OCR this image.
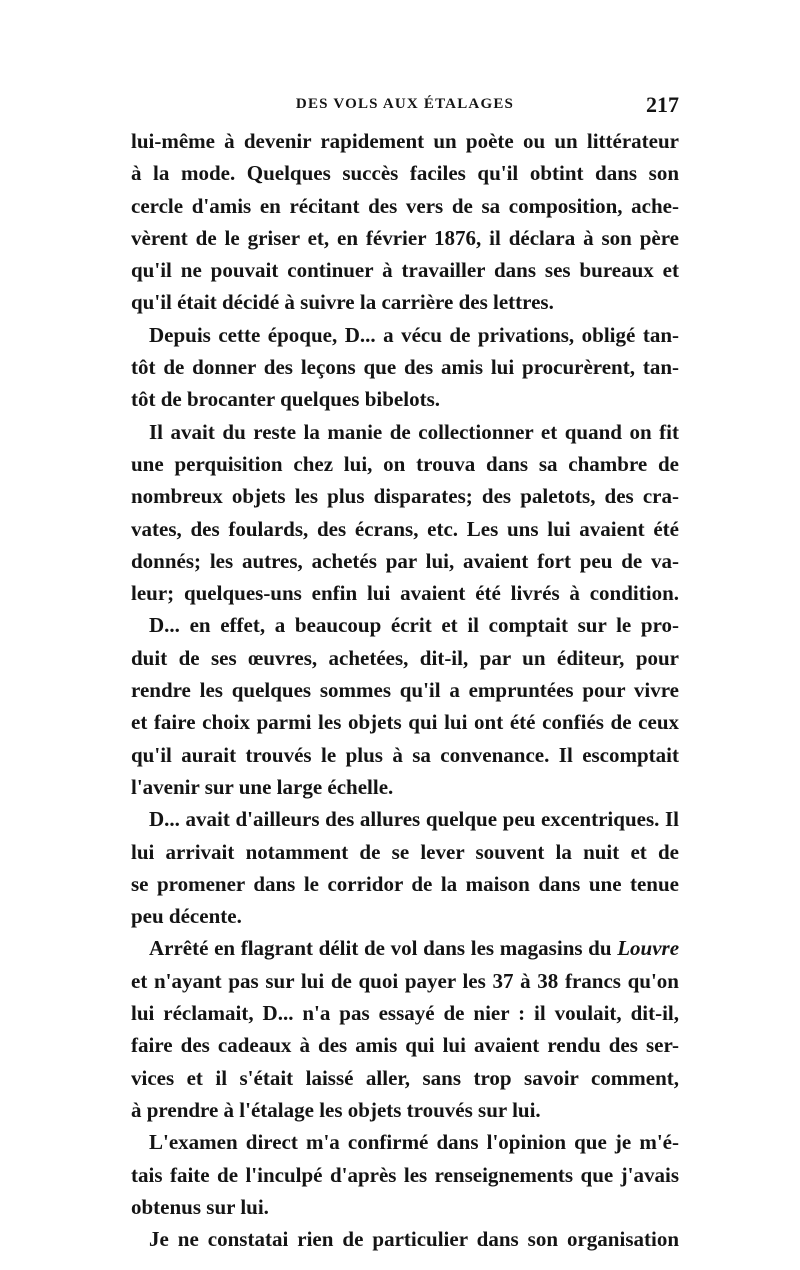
DES VOLS AUX ÉTALAGES	217
lui-même à devenir rapidement un poète ou un littérateur
à la mode. Quelques succès faciles qu'il obtint dans son
cercle d'amis en récitant des vers de sa composition, ache-
vèrent de le griser et, en février 1876, il déclara à son père
qu'il ne pouvait continuer à travailler dans ses bureaux et
qu'il était décidé à suivre la carrière des lettres.
Depuis cette époque, D... a vécu de privations, obligé tan-
tôt de donner des leçons que des amis lui procurèrent, tan-
tôt de brocanter quelques bibelots.
Il avait du reste la manie de collectionner et quand on fit
une perquisition chez lui, on trouva dans sa chambre de
nombreux objets les plus disparates; des paletots, des cra-
vates, des foulards, des écrans, etc. Les uns lui avaient été
donnés; les autres, achetés par lui, avaient fort peu de va-
leur; quelques-uns enfin lui avaient été livrés à condition.
D... en effet, a beaucoup écrit et il comptait sur le pro-
duit de ses œuvres, achetées, dit-il, par un éditeur, pour
rendre les quelques sommes qu'il a empruntées pour vivre
et faire choix parmi les objets qui lui ont été confiés de ceux
qu'il aurait trouvés le plus à sa convenance. Il escomptait
l'avenir sur une large échelle.
D... avait d'ailleurs des allures quelque peu excentriques. Il
lui arrivait notamment de se lever souvent la nuit et de
se promener dans le corridor de la maison dans une tenue
peu décente.
Arrêté en flagrant délit de vol dans les magasins du Louvre
et n'ayant pas sur lui de quoi payer les 37 à 38 francs qu'on
lui réclamait, D... n'a pas essayé de nier : il voulait, dit-il,
faire des cadeaux à des amis qui lui avaient rendu des ser-
vices et il s'était laissé aller, sans trop savoir comment,
à prendre à l'étalage les objets trouvés sur lui.
L'examen direct m'a confirmé dans l'opinion que je m'é-
tais faite de l'inculpé d'après les renseignements que j'avais
obtenus sur lui.
Je ne constatai rien de particulier dans son organisation
